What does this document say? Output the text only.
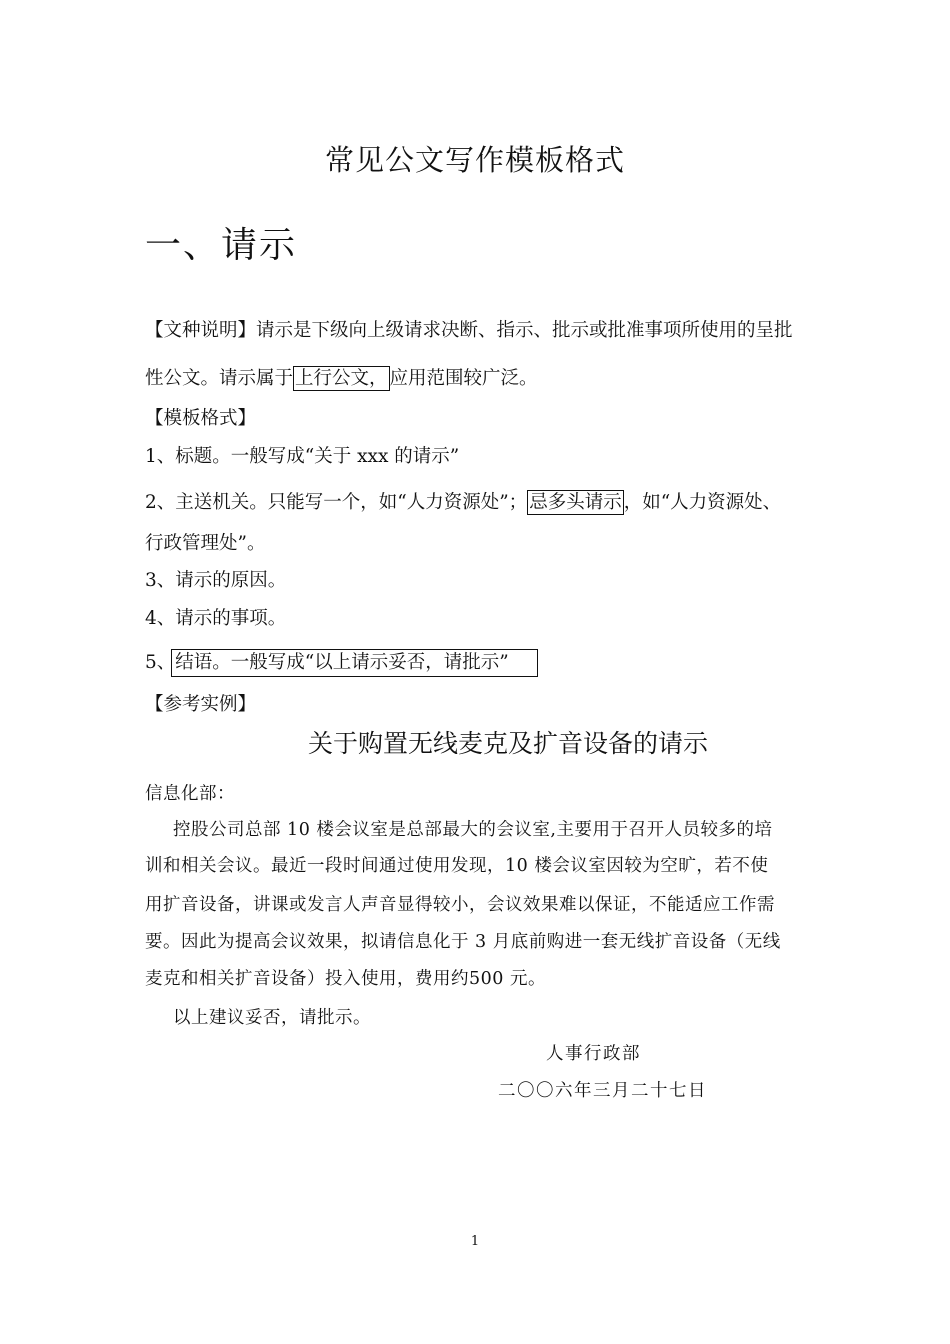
常见公文写作模板格式
一、请示
【文种说明】请示是下级向上级请求决断、指示、批示或批准事项所使用的呈批
性公文。请示属于 上行公文， 应用范围较广泛。
【模板格式】
1、标题。一般写成“关于 xxx 的请示”
2、主送机关。只能写一个，如“人力资源处”； 忌多头请示 ，如“人力资源处、
行政管理处”。
3、请示的原因。
4、请示的事项。
5、结语。一般写成“以上请示妥否，请批示”
【参考实例】
关于购置无线麦克及扩音设备的请示
信息化部：
控股公司总部 10 楼会议室是总部最大的会议室,主要用于召开人员较多的培
训和相关会议。最近一段时间通过使用发现，10 楼会议室因较为空旷，若不使
用扩音设备，讲课或发言人声音显得较小，会议效果难以保证，不能适应工作需
要。因此为提高会议效果，拟请信息化于 3 月底前购进一套无线扩音设备（无线
麦克和相关扩音设备）投入使用，费用约500 元。
以上建议妥否，请批示。
人事行政部
二〇〇六年三月二十七日
1
